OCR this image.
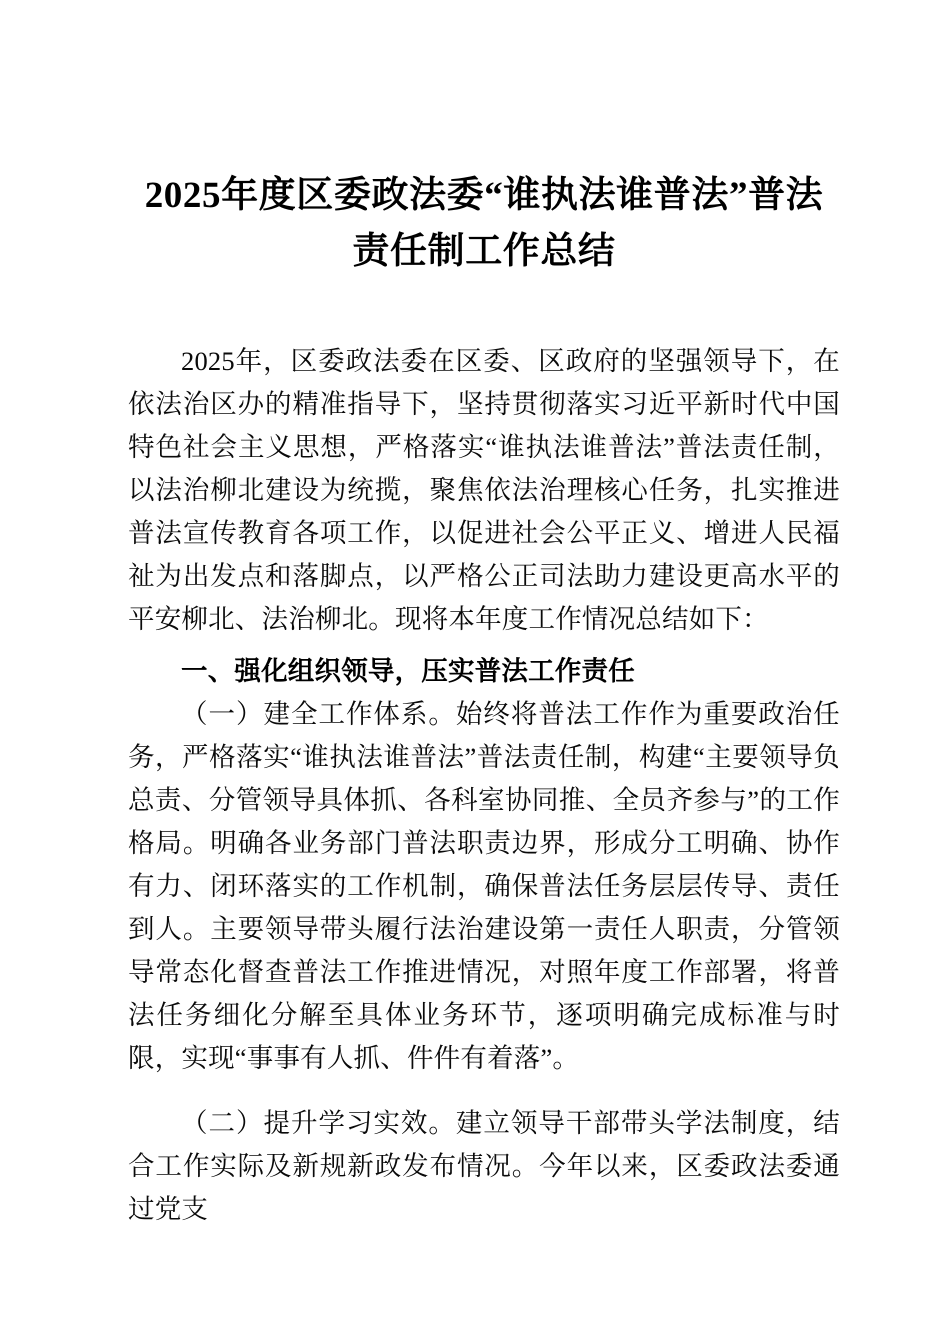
2025年度区委政法委“谁执法谁普法”普法
责任制工作总结

2025年，区委政法委在区委、区政府的坚强领导下，在依法治区办的精准指导下，坚持贯彻落实习近平新时代中国特色社会主义思想，严格落实“谁执法谁普法”普法责任制，以法治柳北建设为统揽，聚焦依法治理核心任务，扎实推进普法宣传教育各项工作，以促进社会公平正义、增进人民福祉为出发点和落脚点，以严格公正司法助力建设更高水平的平安柳北、法治柳北。现将本年度工作情况总结如下：

一、强化组织领导，压实普法工作责任

（一）建全工作体系。始终将普法工作作为重要政治任务，严格落实“谁执法谁普法”普法责任制，构建“主要领导负总责、分管领导具体抓、各科室协同推、全员齐参与”的工作格局。明确各业务部门普法职责边界，形成分工明确、协作有力、闭环落实的工作机制，确保普法任务层层传导、责任到人。主要领导带头履行法治建设第一责任人职责，分管领导常态化督查普法工作推进情况，对照年度工作部署，将普法任务细化分解至具体业务环节，逐项明确完成标准与时限，实现“事事有人抓、件件有着落”。

（二）提升学习实效。建立领导干部带头学法制度，结合工作实际及新规新政发布情况。今年以来，区委政法委通过党支
